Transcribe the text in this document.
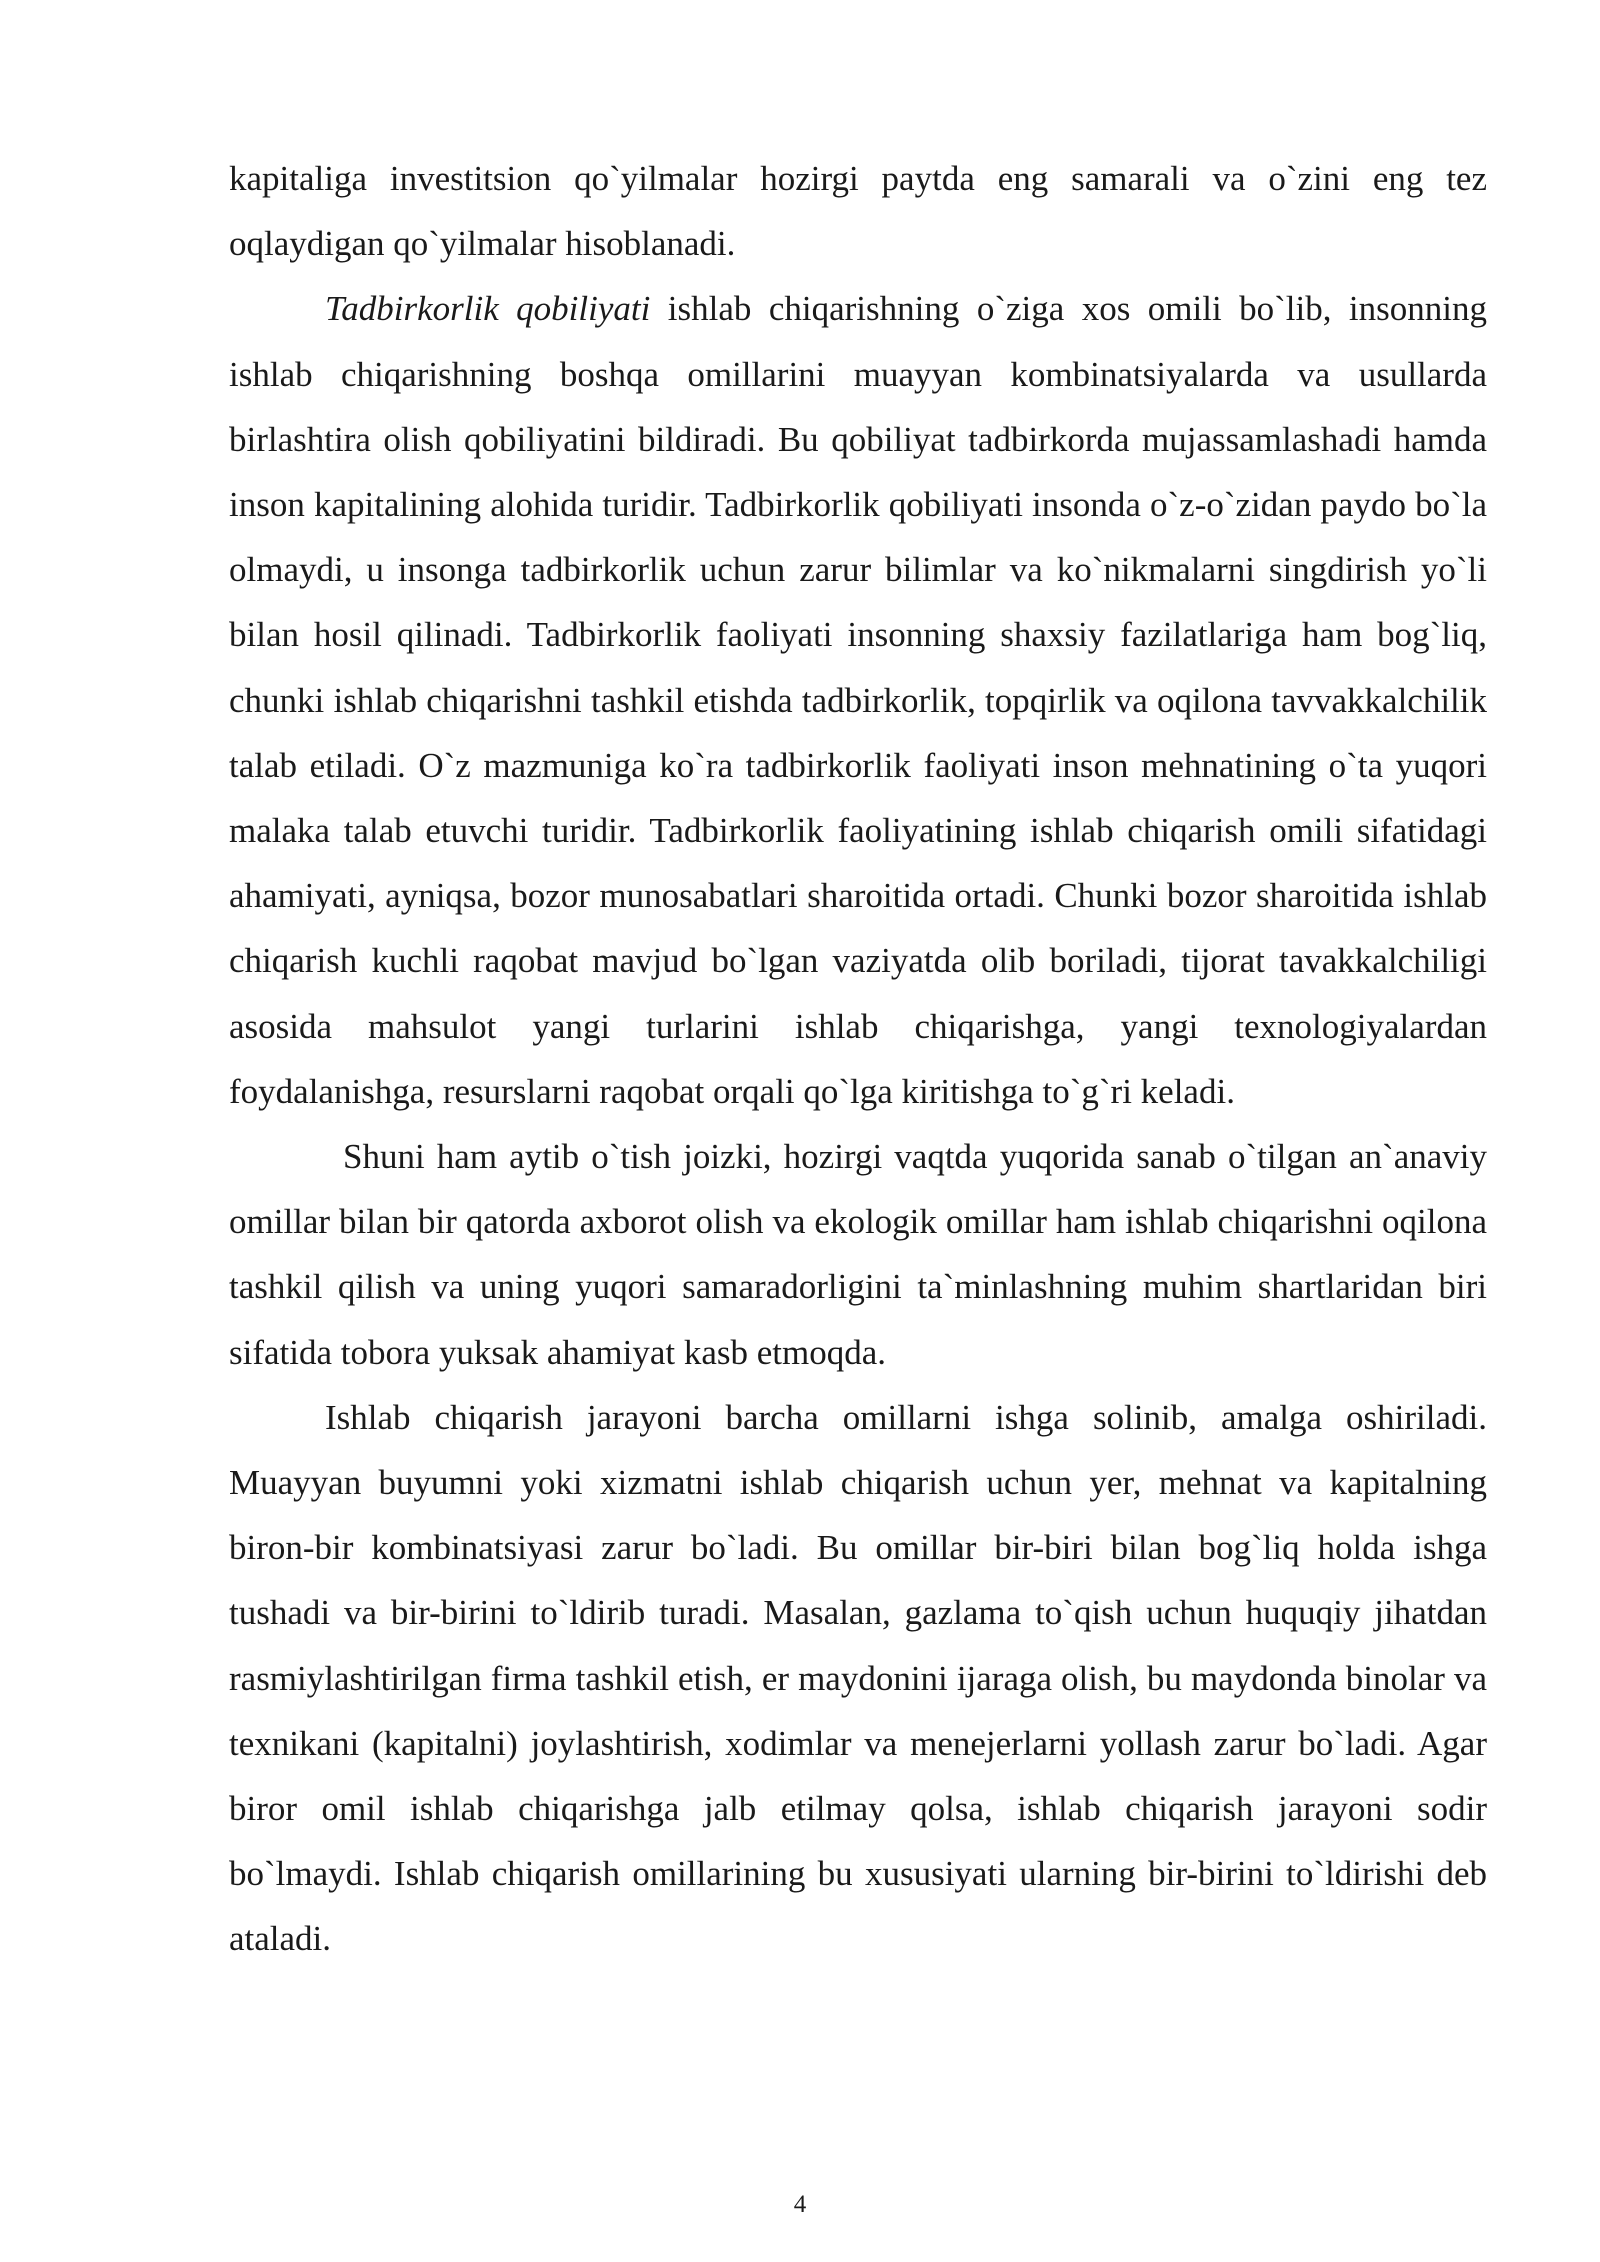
kapitaliga investitsion qo`yilmalar hozirgi paytda eng samarali va o`zini eng tez oqlaydigan qo`yilmalar hisoblanadi.

Tadbirkorlik qobiliyati ishlab chiqarishning o`ziga xos omili bo`lib, insonning ishlab chiqarishning boshqa omillarini muayyan kombinatsiyalarda va usullarda birlashtira olish qobiliyatini bildiradi. Bu qobiliyat tadbirkorda mujassamlashadi hamda inson kapitalining alohida turidir. Tadbirkorlik qobiliyati insonda o`z-o`zidan paydo bo`la olmaydi, u insonga tadbirkorlik uchun zarur bilimlar va ko`nikmalarni singdirish yo`li bilan hosil qilinadi. Tadbirkorlik faoliyati insonning shaxsiy fazilatlariga ham bog`liq, chunki ishlab chiqarishni tashkil etishda tadbirkorlik, topqirlik va oqilona tavvakkalchilik talab etiladi. O`z mazmuniga ko`ra tadbirkorlik faoliyati inson mehnatining o`ta yuqori malaka talab etuvchi turidir. Tadbirkorlik faoliyatining ishlab chiqarish omili sifatidagi ahamiyati, ayniqsa, bozor munosabatlari sharoitida ortadi. Chunki bozor sharoitida ishlab chiqarish kuchli raqobat mavjud bo`lgan vaziyatda olib boriladi, tijorat tavakkalchiligi asosida mahsulot yangi turlarini ishlab chiqarishga, yangi texnologiyalardan foydalanishga, resurslarni raqobat orqali qo`lga kiritishga to`g`ri keladi.

Shuni ham aytib o`tish joizki, hozirgi vaqtda yuqorida sanab o`tilgan an`anaviy omillar bilan bir qatorda axborot olish va ekologik omillar ham ishlab chiqarishni oqilona tashkil qilish va uning yuqori samaradorligini ta`minlashning muhim shartlaridan biri sifatida tobora yuksak ahamiyat kasb etmoqda.

Ishlab chiqarish jarayoni barcha omillarni ishga solinib, amalga oshiriladi. Muayyan buyumni yoki xizmatni ishlab chiqarish uchun yer, mehnat va kapitalning biron-bir kombinatsiyasi zarur bo`ladi. Bu omillar bir-biri bilan bog`liq holda ishga tushadi va bir-birini to`ldirib turadi. Masalan, gazlama to`qish uchun huquqiy jihatdan rasmiylashtirilgan firma tashkil etish, er maydonini ijaraga olish, bu maydonda binolar va texnikani (kapitalni) joylashtirish, xodimlar va menejerlarni yollash zarur bo`ladi. Agar biror omil ishlab chiqarishga jalb etilmay qolsa, ishlab chiqarish jarayoni sodir bo`lmaydi. Ishlab chiqarish omillarining bu xususiyati ularning bir-birini to`ldirishi deb ataladi.

4
